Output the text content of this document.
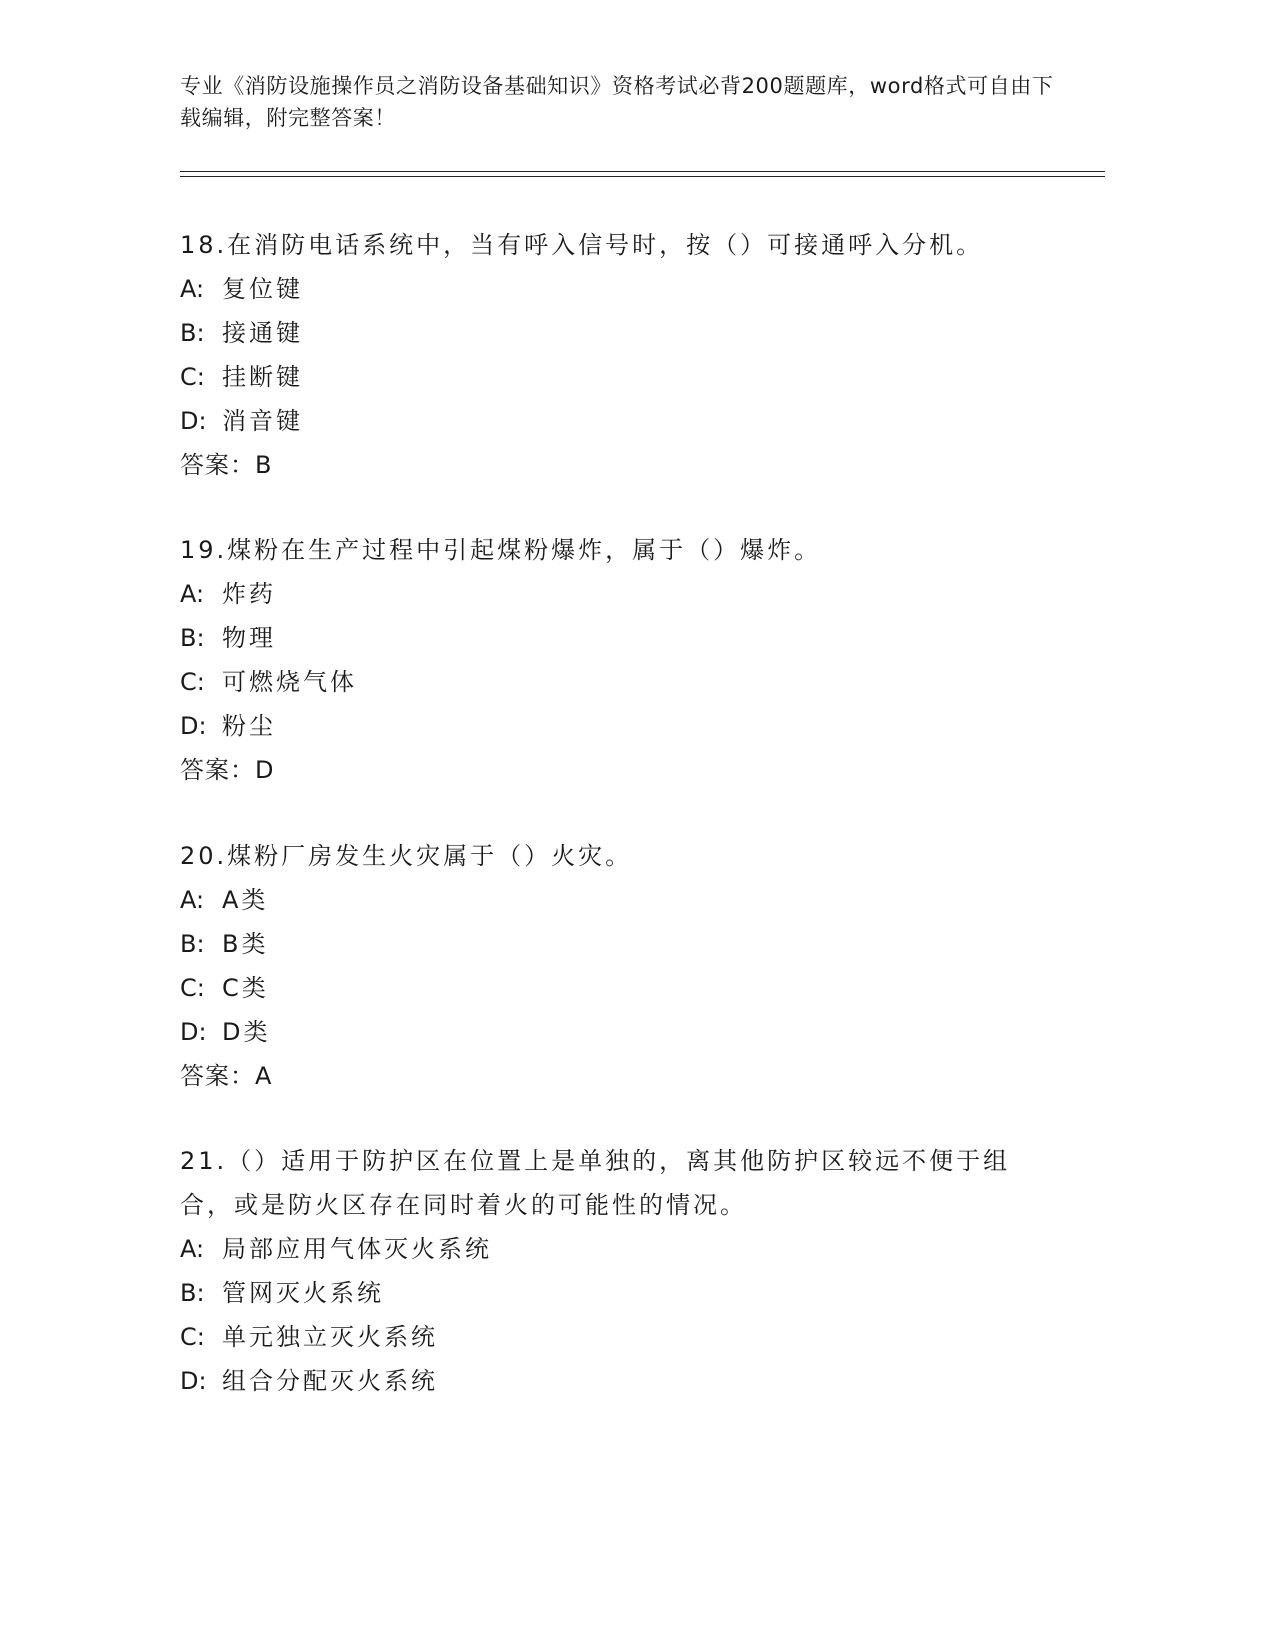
专业《消防设施操作员之消防设备基础知识》资格考试必背200题题库，word格式可自由下载编辑，附完整答案！

18.在消防电话系统中，当有呼入信号时，按（）可接通呼入分机。

A: 复位键

B: 接通键

C: 挂断键

D: 消音键

答案：B

19.煤粉在生产过程中引起煤粉爆炸，属于（）爆炸。

A: 炸药

B: 物理

C: 可燃烧气体

D: 粉尘

答案：D

20.煤粉厂房发生火灾属于（）火灾。

A: A类

B: B类

C: C类

D: D类

答案：A

21.（）适用于防护区在位置上是单独的，离其他防护区较远不便于组合，或是防火区存在同时着火的可能性的情况。

A: 局部应用气体灭火系统

B: 管网灭火系统

C: 单元独立灭火系统

D: 组合分配灭火系统
